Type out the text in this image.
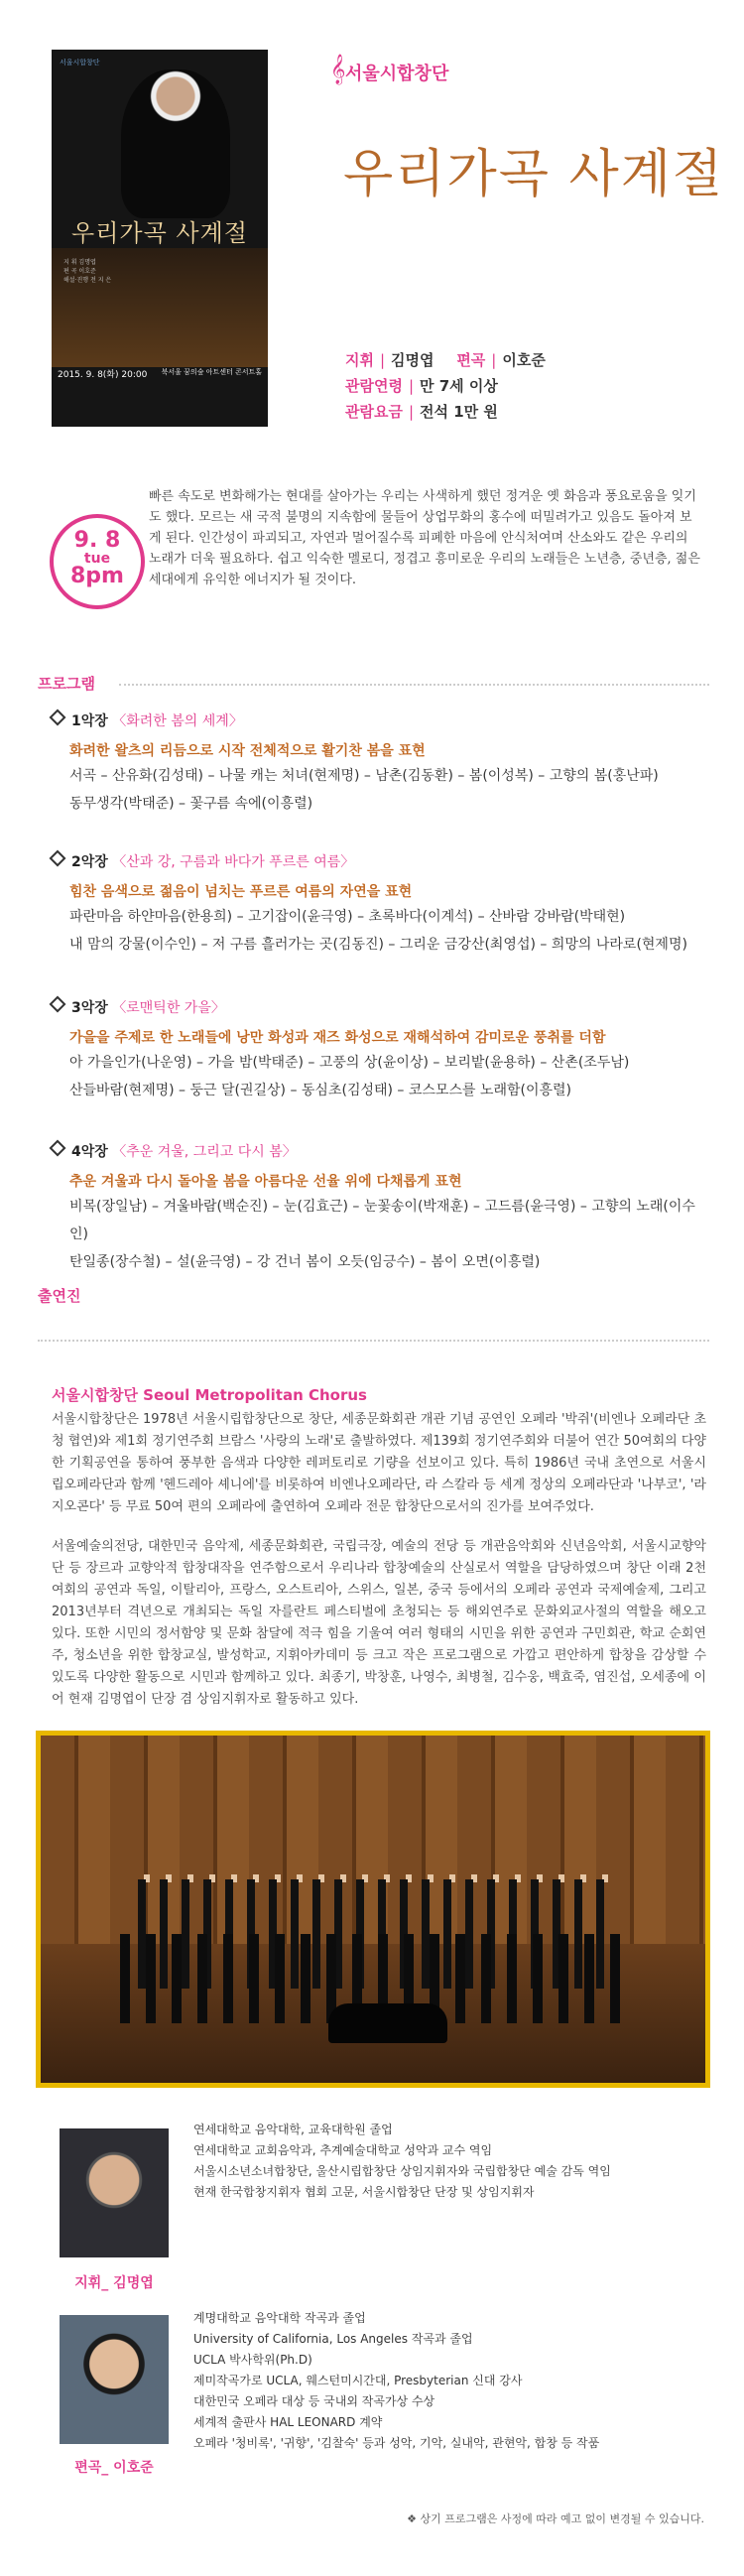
서울시합창단
우리가곡 사계절
지 휘 김명엽
편 곡 이호준
해설·진행 전 지 은
2015. 9. 8(화) 20:00 북서울 꿈의숲 아트센터 콘서트홀
𝄞 서울시합창단
우리가곡 사계절
지휘 | 김명엽 편곡 | 이호준
관람연령 | 만 7세 이상
관람요금 | 전석 1만 원
9. 8
tue
8pm
빠른 속도로 변화해가는 현대를 살아가는 우리는 사색하게 했던 정겨운 옛 화음과 풍요로움을 잊기도 했다. 모르는 새 국적 불명의 지속함에 물들어 상업무화의 홍수에 떠밀려가고 있음도 돌아져 보게 된다. 인간성이 파괴되고, 자연과 멀어질수록 피폐한 마음에 안식처여며 산소와도 같은 우리의 노래가 더욱 필요하다. 쉽고 익숙한 멜로디, 정겹고 흥미로운 우리의 노래들은 노년층, 중년층, 젊은 세대에게 유익한 에너지가 될 것이다.
프로그램
1악장 〈화려한 봄의 세계〉
화려한 왈츠의 리듬으로 시작 전체적으로 활기찬 봄을 표현
서곡 – 산유화(김성태) – 나물 캐는 처녀(현제명) – 남촌(김동환) – 봄(이성복) – 고향의 봄(홍난파)
동무생각(박태준) – 꽃구름 속에(이흥렬)
2악장 〈산과 강, 구름과 바다가 푸르른 여름〉
힘찬 음색으로 젊음이 넘치는 푸르른 여름의 자연을 표현
파란마음 하얀마음(한용희) – 고기잡이(윤극영) – 초록바다(이계석) – 산바람 강바람(박태현)
내 맘의 강물(이수인) – 저 구름 흘러가는 곳(김동진) – 그리운 금강산(최영섭) – 희망의 나라로(현제명)
3악장 〈로맨틱한 가을〉
가을을 주제로 한 노래들에 낭만 화성과 재즈 화성으로 재해석하여 감미로운 풍취를 더함
아 가을인가(나운영) – 가을 밤(박태준) – 고풍의 상(윤이상) – 보리밭(윤용하) – 산촌(조두남)
산들바람(현제명) – 둥근 달(권길상) – 동심초(김성태) – 코스모스를 노래함(이흥렬)
4악장 〈추운 겨울, 그리고 다시 봄〉
추운 겨울과 다시 돌아올 봄을 아름다운 선율 위에 다채롭게 표현
비목(장일남) – 겨울바람(백순진) – 눈(김효근) – 눈꽃송이(박재훈) – 고드름(윤극영) – 고향의 노래(이수인)
탄일종(장수철) – 설(윤극영) – 강 건너 봄이 오듯(임긍수) – 봄이 오면(이흥렬)
출연진
서울시합창단 Seoul Metropolitan Chorus
서울시합창단은 1978년 서울시립합창단으로 창단, 세종문화회관 개관 기념 공연인 오페라 '박쥐'(비엔나 오페라단 초청 협연)와 제1회 정기연주회 브람스 '사랑의 노래'로 출발하였다. 제139회 정기연주회와 더불어 연간 50여회의 다양한 기획공연을 통하여 풍부한 음색과 다양한 레퍼토리로 기량을 선보이고 있다. 특히 1986년 국내 초연으로 서울시립오페라단과 함께 '헨드레아 셰니에'를 비롯하여 비엔나오페라단, 라 스칼라 등 세계 정상의 오페라단과 '나부코', '라 지오콘다' 등 무료 50여 편의 오페라에 출연하여 오페라 전문 합창단으로서의 진가를 보여주었다.
서울예술의전당, 대한민국 음악제, 세종문화회관, 국립극장, 예술의 전당 등 개관음악회와 신년음악회, 서울시교향악단 등 장르과 교향악적 합창대작을 연주함으로서 우리나라 합창예술의 산실로서 역할을 담당하였으며 창단 이래 2천여회의 공연과 독일, 이탈리아, 프랑스, 오스트리아, 스위스, 일본, 중국 등에서의 오페라 공연과 국제예술제, 그리고 2013년부터 격년으로 개최되는 독일 자를란트 페스티벌에 초청되는 등 해외연주로 문화외교사절의 역할을 해오고 있다. 또한 시민의 정서함양 및 문화 참달에 적극 힘을 기울여 여러 형태의 시민을 위한 공연과 구민회관, 학교 순회연주, 청소년을 위한 합창교실, 발성학교, 지휘아카데미 등 크고 작은 프로그램으로 가깝고 편안하게 합창을 감상할 수 있도록 다양한 활동으로 시민과 함께하고 있다. 최종기, 박창훈, 나영수, 최병철, 김수웅, 백효죽, 염진섭, 오세종에 이어 현재 김명엽이 단장 겸 상임지휘자로 활동하고 있다.
지휘_ 김명엽
연세대학교 음악대학, 교육대학원 졸업
연세대학교 교회음악과, 추계예술대학교 성악과 교수 역임
서울시소년소녀합창단, 울산시립합창단 상임지휘자와 국립합창단 예술 감독 역임
현재 한국합창지휘자 협회 고문, 서울시합창단 단장 및 상임지휘자
편곡_ 이호준
계명대학교 음악대학 작곡과 졸업
University of California, Los Angeles 작곡과 졸업
UCLA 박사학위(Ph.D)
제미작곡가로 UCLA, 웨스턴미시간대, Presbyterian 신대 강사
대한민국 오페라 대상 등 국내외 작곡가상 수상
세계적 출판사 HAL LEONARD 계약
오페라 '청비록', '귀향', '김찰숙' 등과 성악, 기악, 실내악, 관현악, 합창 등 작품
❖ 상기 프로그램은 사정에 따라 예고 없이 변경될 수 있습니다.
